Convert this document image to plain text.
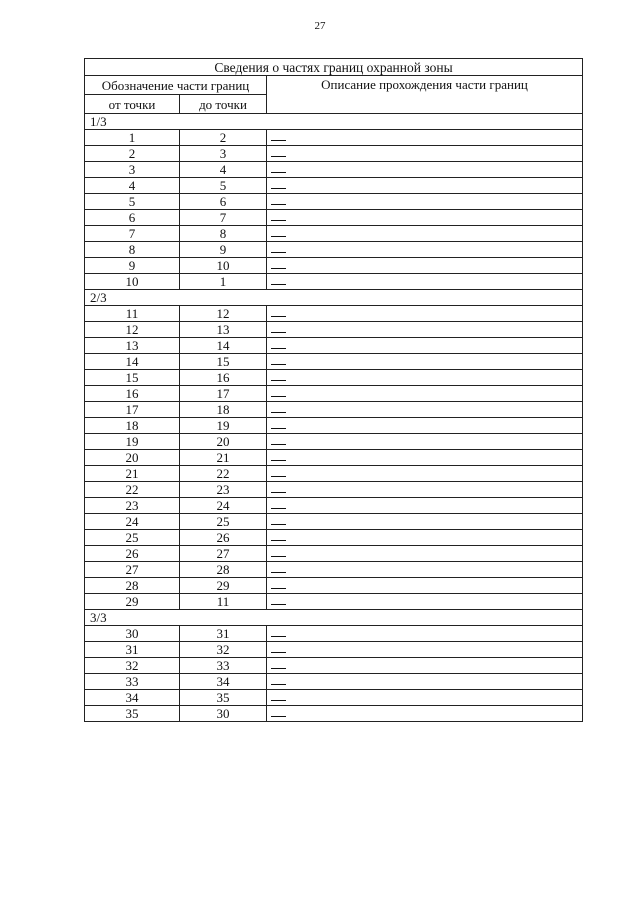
27
Сведения о частях границ охранной зоны		
Обозначение части границ		Описание прохождения части границ
от точки	до точки	
1/3		
1	2	
2	3	
3	4	
4	5	
5	6	
6	7	
7	8	
8	9	
9	10	
10	1	
2/3		
11	12	
12	13	
13	14	
14	15	
15	16	
16	17	
17	18	
18	19	
19	20	
20	21	
21	22	
22	23	
23	24	
24	25	
25	26	
26	27	
27	28	
28	29	
29	11	
3/3		
30	31	
31	32	
32	33	
33	34	
34	35	
35	30	
